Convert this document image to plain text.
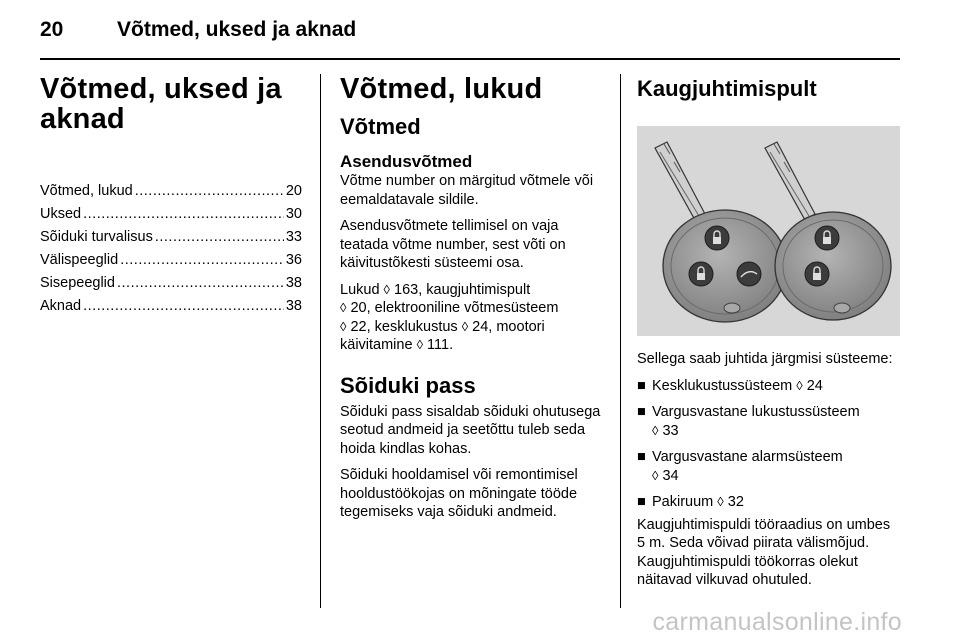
20	Võtmed, uksed ja aknad
Võtmed, uksed ja
aknad
Võtmed, lukud .....	20
Uksed .....	30
Sõiduki turvalisus .....	33
Välispeeglid .....	36
Sisepeeglid .....	38
Aknad .....	38
Võtmed, lukud
Võtmed
Asendusvõtmed

Võtme number on märgitud võtmele või eemaldatavale sildile.

Asendusvõtmete tellimisel on vaja teatada võtme number, sest võti on käivitustõkesti süsteemi osa.

Lukud ◊ 163, kaugjuhtimispult
◊ 20, elektrooniline võtmesüsteem
◊ 22, kesklukustus ◊ 24, mootori käivitamine ◊ 111.

Sõiduki pass

Sõiduki pass sisaldab sõiduki ohutusega seotud andmeid ja seetõttu tuleb seda hoida kindlas kohas.

Sõiduki hooldamisel või remontimisel hooldustöökojas on mõningate tööde tegemiseks vaja sõiduki andmeid.

Kaugjuhtimispult

Sellega saab juhtida järgmisi süsteeme:

■ Kesklukustussüsteem ◊ 24
■ Vargusvastane lukustussüsteem
◊ 33
■ Vargusvastane alarmsüsteem
◊ 34
■ Pakiruum ◊ 32

Kaugjuhtimispuldi tööraadius on umbes 5 m. Seda võivad piirata välismõjud. Kaugjuhtimispuldi töökorras olekut näitavad vilkuvad ohutuled.

carmanualsonline.info
